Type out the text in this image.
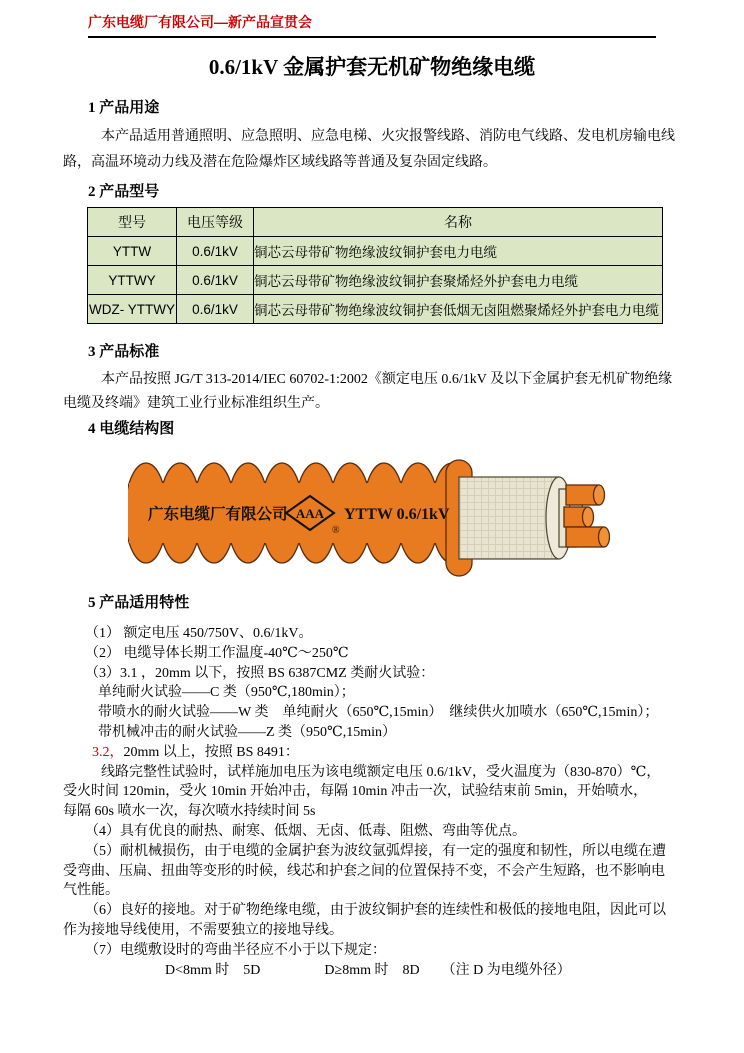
广东电缆厂有限公司—新产品宣贯会
0.6/1kV 金属护套无机矿物绝缘电缆
1 产品用途
本产品适用普通照明、应急照明、应急电梯、火灾报警线路、消防电气线路、发电机房输电线
路，高温环境动力线及潜在危险爆炸区域线路等普通及复杂固定线路。
2 产品型号
型号	电压等级	名称
YTTW	0.6/1kV	铜芯云母带矿物绝缘波纹铜护套电力电缆
YTTWY	0.6/1kV	铜芯云母带矿物绝缘波纹铜护套聚烯烃外护套电力电缆
WDZ- YTTWY	0.6/1kV	铜芯云母带矿物绝缘波纹铜护套低烟无卤阻燃聚烯烃外护套电力电缆
3 产品标准
本产品按照 JG/T 313-2014/IEC 60702-1:2002《额定电压 0.6/1kV 及以下金属护套无机矿物绝缘
电缆及终端》建筑工业行业标准组织生产。
4 电缆结构图
广东电缆厂有限公司 AAA
®
YTTW 0.6/1kV
5 产品适用特性
（1） 额定电压 450/750V、0.6/1kV。
（2） 电缆导体长期工作温度-40℃～250℃
（3）3.1 ，20mm 以下，按照 BS 6387CMZ 类耐火试验：
单纯耐火试验——C 类（950℃,180min）；
带喷水的耐火试验——W 类　单纯耐火（650℃,15min）　继续供火加喷水（650℃,15min）；
带机械冲击的耐火试验——Z 类（950℃,15min）
3.2，20mm 以上，按照 BS 8491：
线路完整性试验时，试样施加电压为该电缆额定电压 0.6/1kV，受火温度为（830-870）℃，
受火时间 120min，受火 10min 开始冲击，每隔 10min 冲击一次，试验结束前 5min，开始喷水，
每隔 60s 喷水一次，每次喷水持续时间 5s
（4）具有优良的耐热、耐寒、低烟、无卤、低毒、阻燃、弯曲等优点。
（5）耐机械损伤，由于电缆的金属护套为波纹氩弧焊接，有一定的强度和韧性，所以电缆在遭
受弯曲、压扁、扭曲等变形的时候，线芯和护套之间的位置保持不变，不会产生短路，也不影响电
气性能。
（6）良好的接地。对于矿物绝缘电缆，由于波纹铜护套的连续性和极低的接地电阻，因此可以
作为接地导线使用，不需要独立的接地导线。
（7）电缆敷设时的弯曲半径应不小于以下规定：
D<8mm 时　5D	D≥8mm 时　8D （注 D 为电缆外径）
